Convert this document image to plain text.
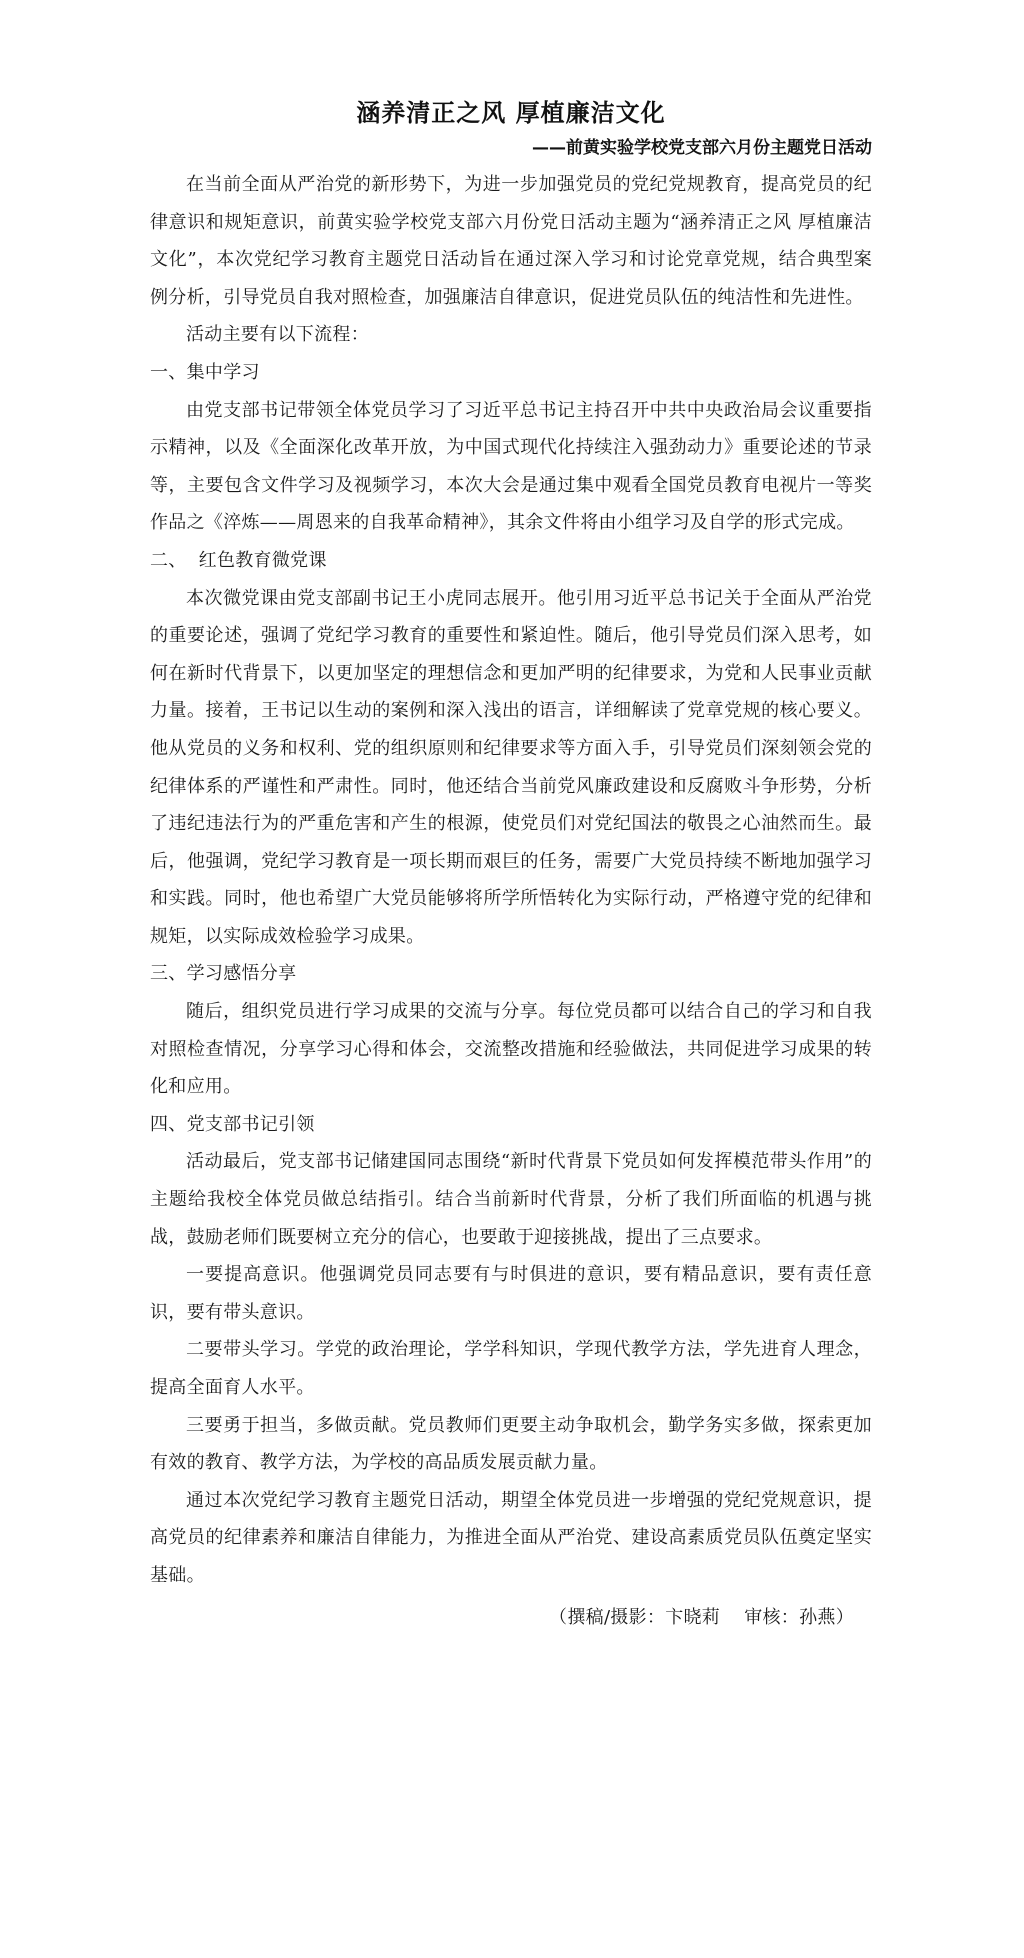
涵养清正之风 厚植廉洁文化
——前黄实验学校党支部六月份主题党日活动

在当前全面从严治党的新形势下，为进一步加强党员的党纪党规教育，提高党员的纪律意识和规矩意识，前黄实验学校党支部六月份党日活动主题为“涵养清正之风 厚植廉洁文化”，本次党纪学习教育主题党日活动旨在通过深入学习和讨论党章党规，结合典型案例分析，引导党员自我对照检查，加强廉洁自律意识，促进党员队伍的纯洁性和先进性。

活动主要有以下流程：

一、集中学习

由党支部书记带领全体党员学习了习近平总书记主持召开中共中央政治局会议重要指示精神，以及《全面深化改革开放，为中国式现代化持续注入强劲动力》重要论述的节录等，主要包含文件学习及视频学习，本次大会是通过集中观看全国党员教育电视片一等奖作品之《淬炼——周恩来的自我革命精神》，其余文件将由小组学习及自学的形式完成。

二、  红色教育微党课

本次微党课由党支部副书记王小虎同志展开。他引用习近平总书记关于全面从严治党的重要论述，强调了党纪学习教育的重要性和紧迫性。随后，他引导党员们深入思考，如何在新时代背景下，以更加坚定的理想信念和更加严明的纪律要求，为党和人民事业贡献力量。接着，王书记以生动的案例和深入浅出的语言，详细解读了党章党规的核心要义。他从党员的义务和权利、党的组织原则和纪律要求等方面入手，引导党员们深刻领会党的纪律体系的严谨性和严肃性。同时，他还结合当前党风廉政建设和反腐败斗争形势，分析了违纪违法行为的严重危害和产生的根源，使党员们对党纪国法的敬畏之心油然而生。最后，他强调，党纪学习教育是一项长期而艰巨的任务，需要广大党员持续不断地加强学习和实践。同时，他也希望广大党员能够将所学所悟转化为实际行动，严格遵守党的纪律和规矩，以实际成效检验学习成果。

三、学习感悟分享

随后，组织党员进行学习成果的交流与分享。每位党员都可以结合自己的学习和自我对照检查情况，分享学习心得和体会，交流整改措施和经验做法，共同促进学习成果的转化和应用。

四、党支部书记引领

活动最后，党支部书记储建国同志围绕“新时代背景下党员如何发挥模范带头作用”的主题给我校全体党员做总结指引。结合当前新时代背景，分析了我们所面临的机遇与挑战，鼓励老师们既要树立充分的信心，也要敢于迎接挑战，提出了三点要求。

一要提高意识。他强调党员同志要有与时俱进的意识，要有精品意识，要有责任意识，要有带头意识。

二要带头学习。学党的政治理论，学学科知识，学现代教学方法，学先进育人理念，提高全面育人水平。

三要勇于担当，多做贡献。党员教师们更要主动争取机会，勤学务实多做，探索更加有效的教育、教学方法，为学校的高品质发展贡献力量。

通过本次党纪学习教育主题党日活动，期望全体党员进一步增强的党纪党规意识，提高党员的纪律素养和廉洁自律能力，为推进全面从严治党、建设高素质党员队伍奠定坚实基础。

（撰稿/摄影：卞晓莉    审核：孙燕）
